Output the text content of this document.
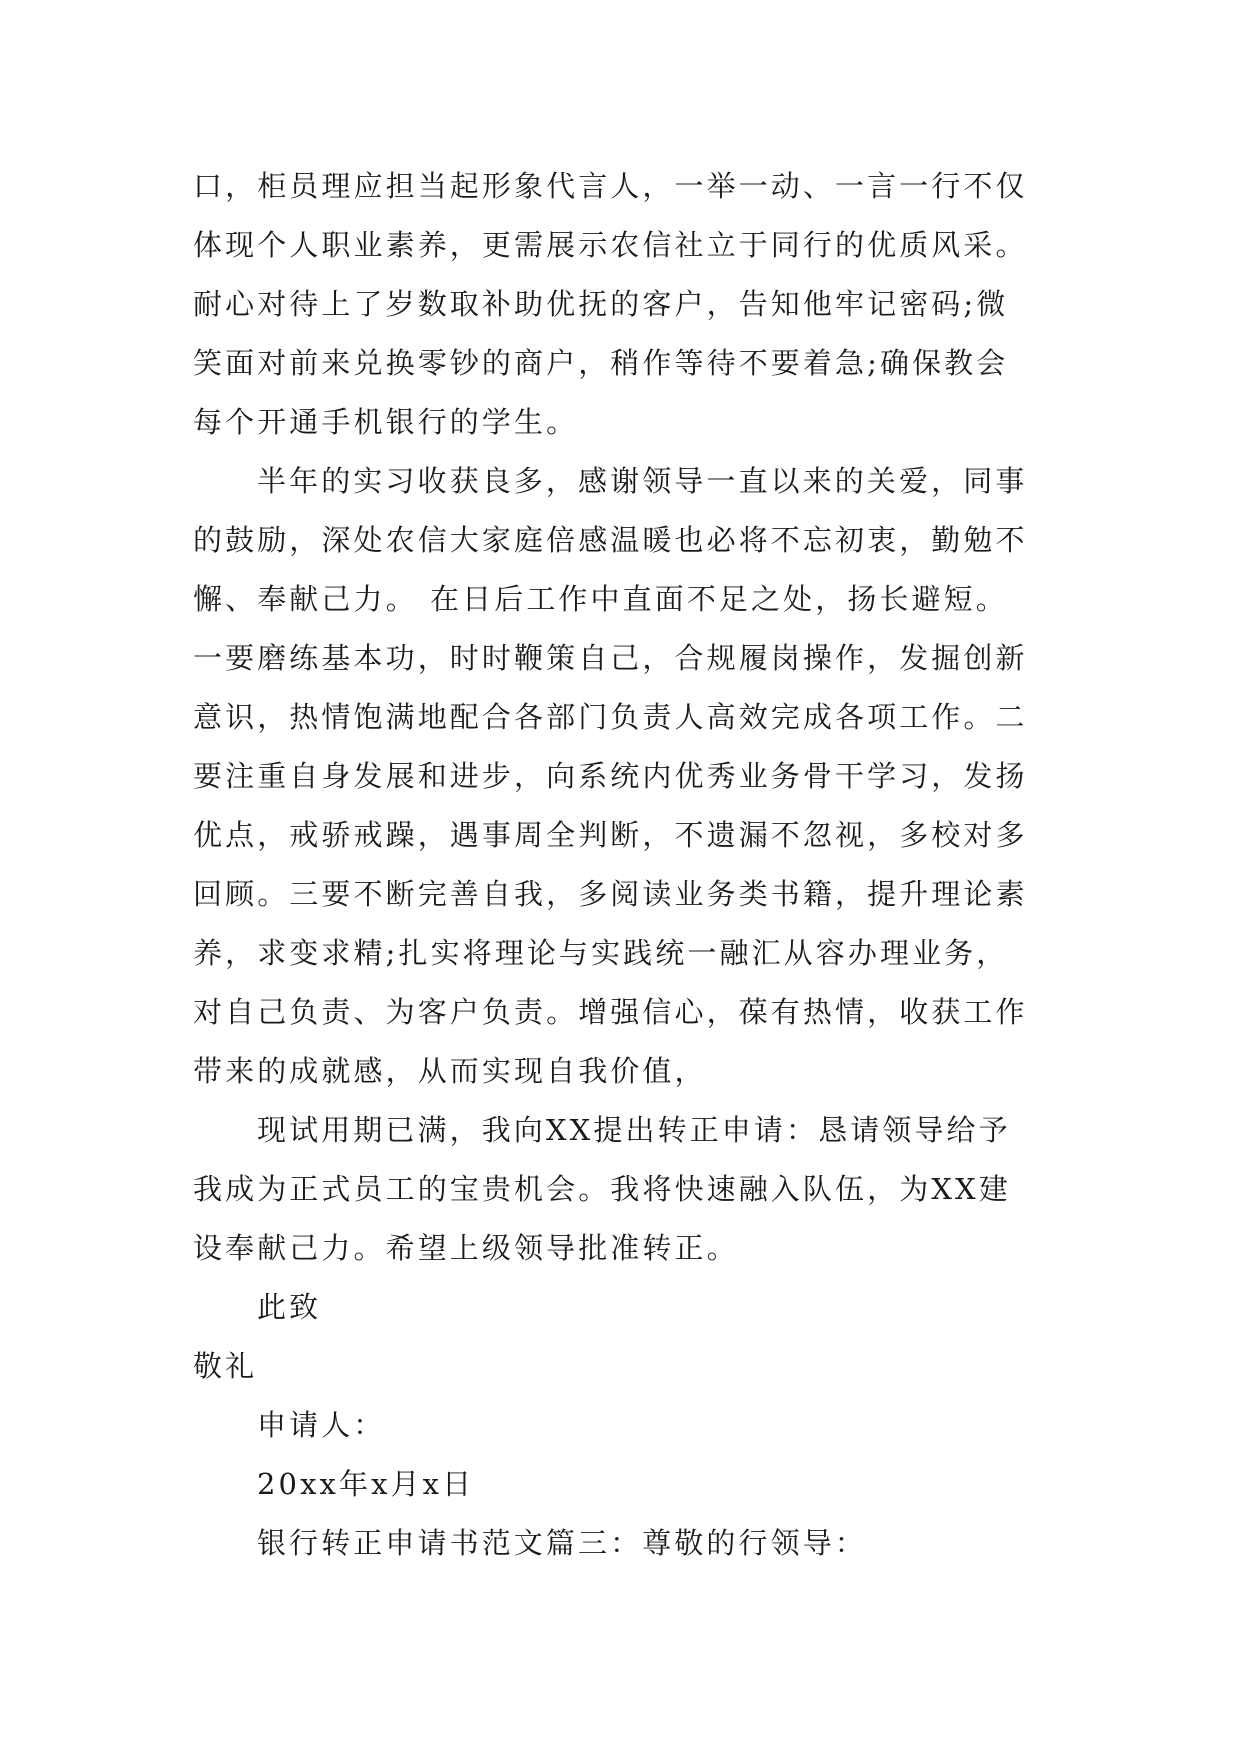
口，柜员理应担当起形象代言人，一举一动、一言一行不仅
体现个人职业素养，更需展示农信社立于同行的优质风采。
耐心对待上了岁数取补助优抚的客户，告知他牢记密码;微
笑面对前来兑换零钞的商户，稍作等待不要着急;确保教会
每个开通手机银行的学生。
半年的实习收获良多，感谢领导一直以来的关爱，同事
的鼓励，深处农信大家庭倍感温暖也必将不忘初衷，勤勉不
懈、奉献己力。 在日后工作中直面不足之处，扬长避短。
一要磨练基本功，时时鞭策自己，合规履岗操作，发掘创新
意识，热情饱满地配合各部门负责人高效完成各项工作。二
要注重自身发展和进步，向系统内优秀业务骨干学习，发扬
优点，戒骄戒躁，遇事周全判断，不遗漏不忽视，多校对多
回顾。三要不断完善自我，多阅读业务类书籍，提升理论素
养，求变求精;扎实将理论与实践统一融汇从容办理业务，
对自己负责、为客户负责。增强信心，葆有热情，收获工作
带来的成就感，从而实现自我价值，
现试用期已满，我向XX提出转正申请：恳请领导给予
我成为正式员工的宝贵机会。我将快速融入队伍，为XX建
设奉献己力。希望上级领导批准转正。
此致
敬礼
申请人：
20xx年x月x日
银行转正申请书范文篇三：尊敬的行领导：
